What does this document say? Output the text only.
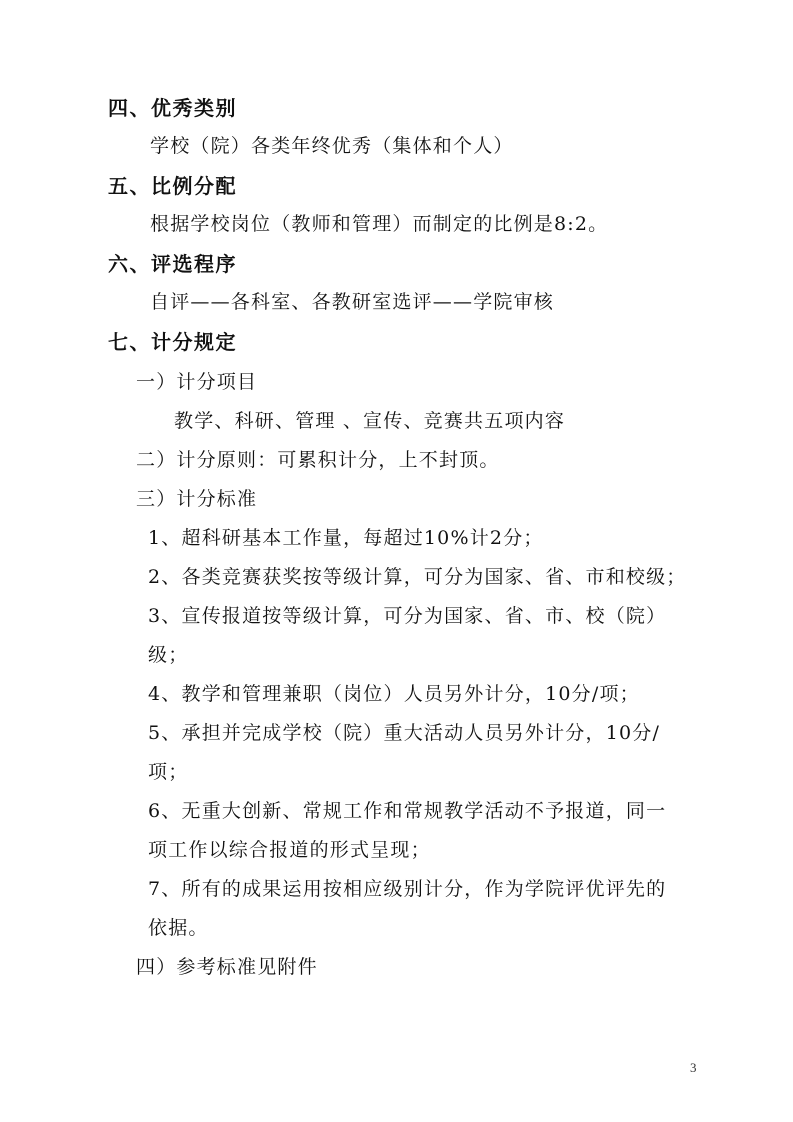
四、优秀类别
学校（院）各类年终优秀（集体和个人）
五、比例分配
根据学校岗位（教师和管理）而制定的比例是8:2。
六、评选程序
自评——各科室、各教研室选评——学院审核
七、计分规定
一）计分项目
教学、科研、管理 、宣传、竞赛共五项内容
二）计分原则：可累积计分，上不封顶。
三）计分标准
1、超科研基本工作量，每超过10%计2分；
2、各类竞赛获奖按等级计算，可分为国家、省、市和校级；
3、宣传报道按等级计算，可分为国家、省、市、校（院）
级；
4、教学和管理兼职（岗位）人员另外计分，10分/项；
5、承担并完成学校（院）重大活动人员另外计分，10分/
项；
6、无重大创新、常规工作和常规教学活动不予报道，同一
项工作以综合报道的形式呈现；
7、所有的成果运用按相应级别计分，作为学院评优评先的
依据。
四）参考标准见附件
3
